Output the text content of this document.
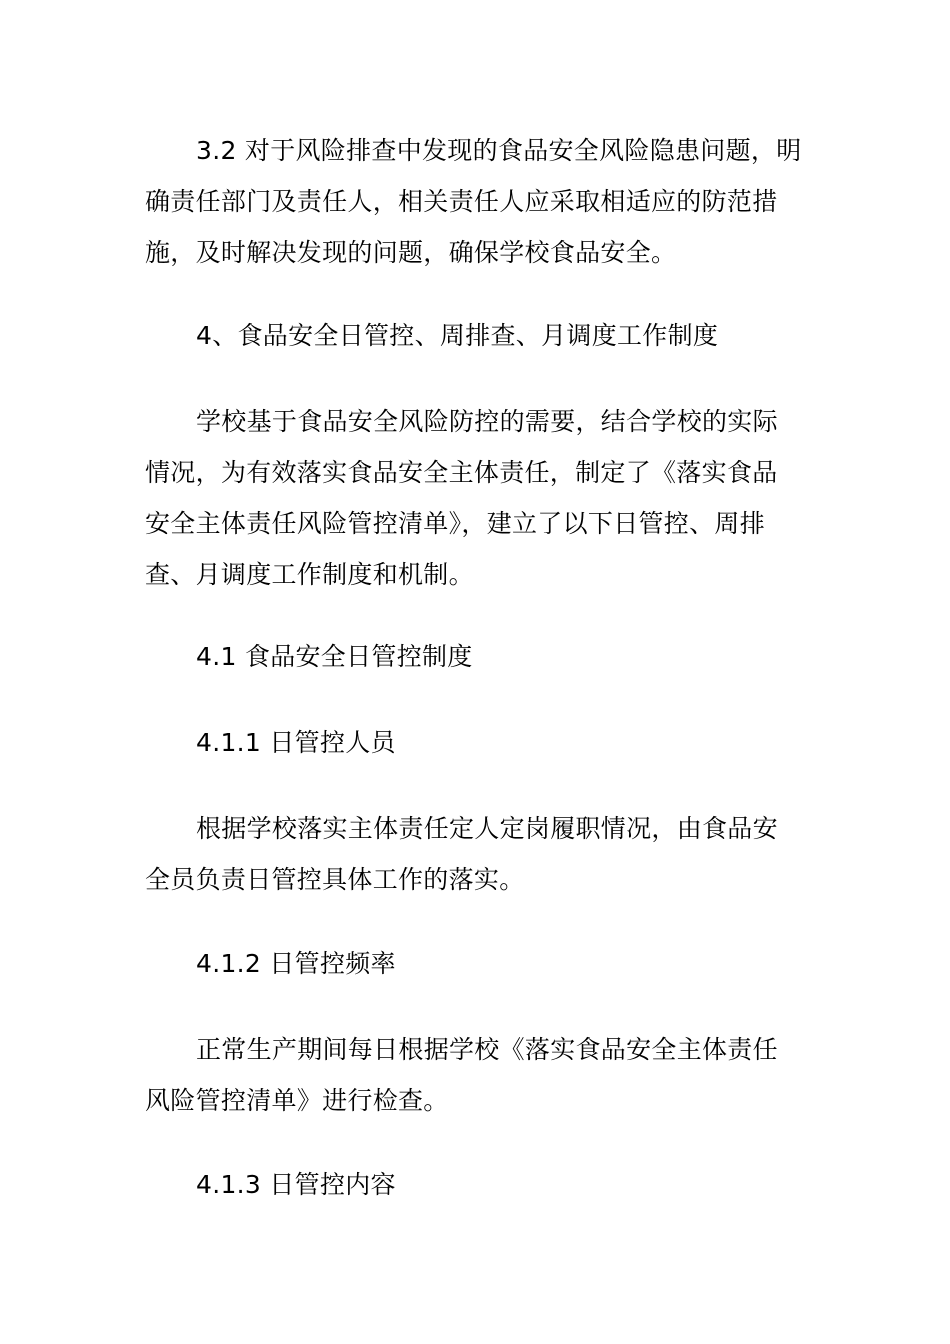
3.2 对于风险排查中发现的食品安全风险隐患问题，明
确责任部门及责任人，相关责任人应采取相适应的防范措
施，及时解决发现的问题，确保学校食品安全。

4、食品安全日管控、周排查、月调度工作制度

学校基于食品安全风险防控的需要，结合学校的实际
情况，为有效落实食品安全主体责任，制定了《落实食品
安全主体责任风险管控清单》，建立了以下日管控、周排
查、月调度工作制度和机制。

4.1 食品安全日管控制度

4.1.1 日管控人员

根据学校落实主体责任定人定岗履职情况，由食品安
全员负责日管控具体工作的落实。

4.1.2 日管控频率

正常生产期间每日根据学校《落实食品安全主体责任
风险管控清单》进行检查。

4.1.3 日管控内容
